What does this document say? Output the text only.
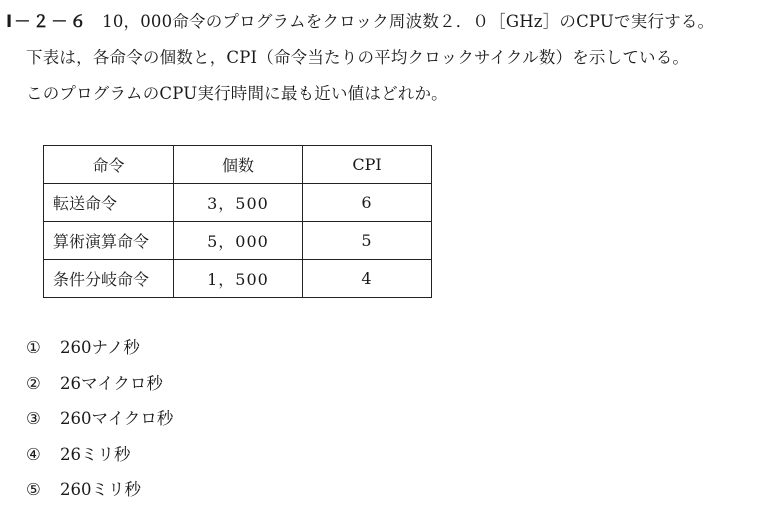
Ⅰ－２－６ 10，000命令のプログラムをクロック周波数２．０［GHz］のCPUで実行する。
下表は，各命令の個数と，CPI（命令当たりの平均クロックサイクル数）を示している。
このプログラムのCPU実行時間に最も近い値はどれか。
命令	個数	CPI
転送命令	3，500	6
算術演算命令	5，000	5
条件分岐命令	1，500	4
① 260ナノ秒
② 26マイクロ秒
③ 260マイクロ秒
④ 26ミリ秒
⑤ 260ミリ秒
